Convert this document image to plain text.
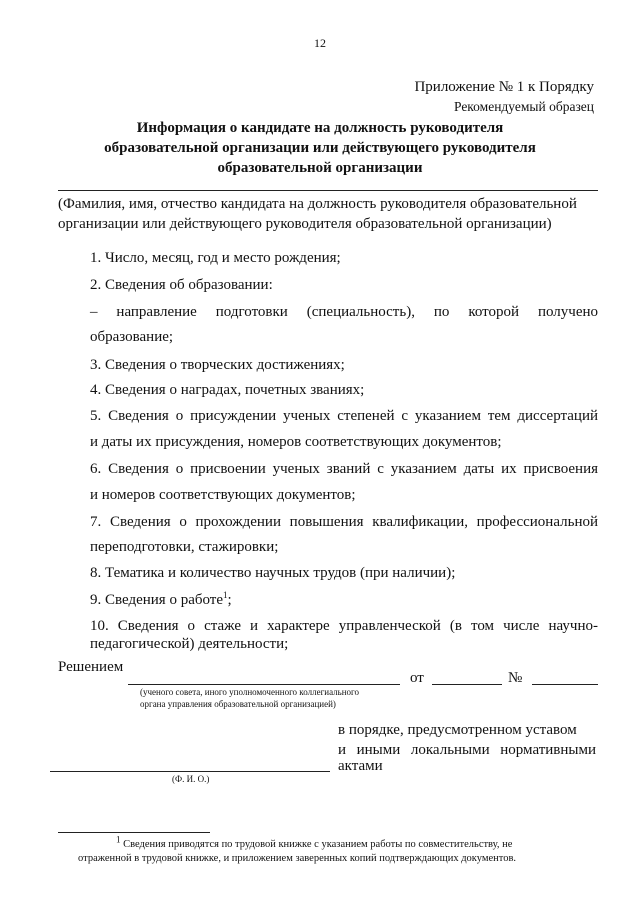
12
Приложение № 1 к Порядку
Рекомендуемый образец
Информация о кандидате на должность руководителя
образовательной организации или действующего руководителя
образовательной организации
(Фамилия, имя, отчество кандидата на должность руководителя образовательной организации или действующего руководителя образовательной организации)
1. Число, месяц, год и место рождения;
2. Сведения об образовании:
– направление подготовки (специальность), по которой получено
образование;
3. Сведения о творческих достижениях;
4. Сведения о наградах, почетных званиях;
5. Сведения о присуждении ученых степеней с указанием тем диссертаций
и даты их присуждения, номеров соответствующих документов;
6. Сведения о присвоении ученых званий с указанием даты их присвоения
и номеров соответствующих документов;
7. Сведения о прохождении повышения квалификации, профессиональной
переподготовки, стажировки;
8. Тематика и количество научных трудов (при наличии);
9. Сведения о работе$^1$;
10. Сведения о стаже и характере управленческой (в том числе научно-
педагогической) деятельности;
Решением
от	№
(ученого совета, иного уполномоченного коллегиального
органа управления образовательной организацией)
в порядке, предусмотренном уставом
и иными локальными нормативными
актами
(Ф. И. О.)
1 Сведения приводятся по трудовой книжке с указанием работы по совместительству, не
отраженной в трудовой книжке, и приложением заверенных копий подтверждающих документов.
